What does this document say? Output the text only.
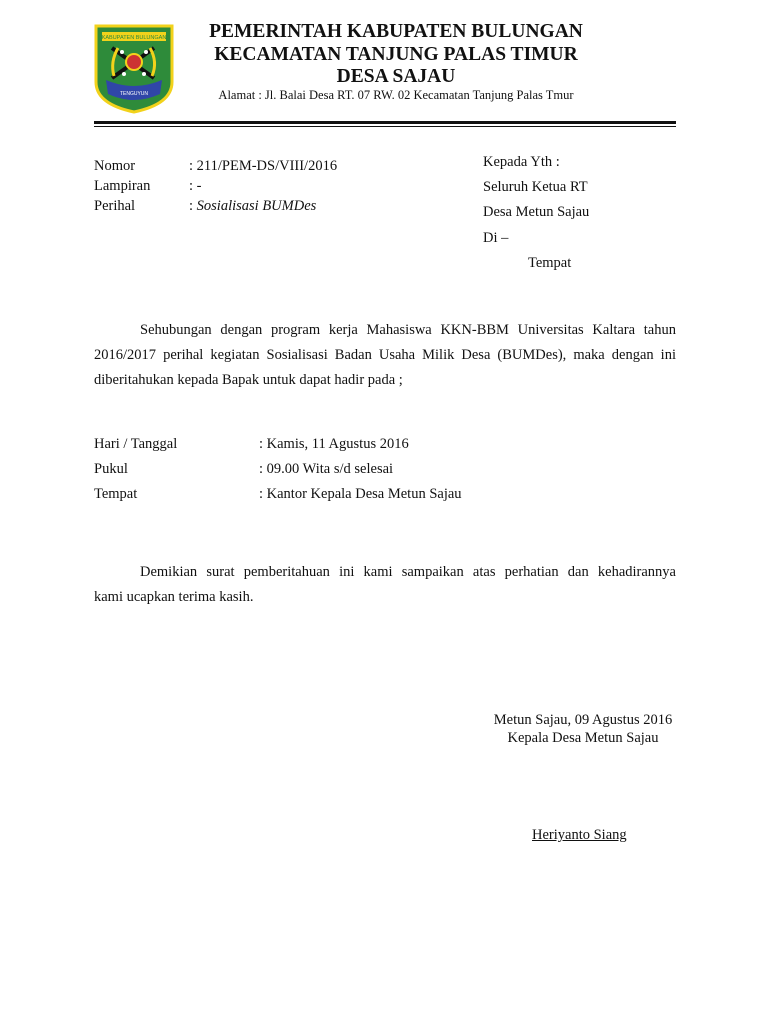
KABUPATEN BULUNGAN
TENGUYUN
PEMERINTAH KABUPATEN BULUNGAN
KECAMATAN TANJUNG PALAS TIMUR
DESA SAJAU
Alamat : Jl. Balai Desa RT. 07 RW. 02 Kecamatan Tanjung Palas Tmur
Nomor	: 211/PEM-DS/VIII/2016
Lampiran	: -
Perihal	: Sosialisasi BUMDes
Kepada Yth :
Seluruh Ketua RT
Desa Metun Sajau
Di –
Tempat
Sehubungan dengan program kerja Mahasiswa KKN-BBM Universitas Kaltara tahun
2016/2017 perihal kegiatan Sosialisasi Badan Usaha Milik Desa (BUMDes), maka dengan ini
diberitahukan kepada Bapak untuk dapat hadir pada ;
Hari / Tanggal	: Kamis, 11 Agustus 2016
Pukul	: 09.00 Wita s/d selesai
Tempat	: Kantor Kepala Desa Metun Sajau
Demikian surat pemberitahuan ini kami sampaikan atas perhatian dan kehadirannya
kami ucapkan terima kasih.
Metun Sajau, 09 Agustus 2016
Kepala Desa Metun Sajau
Heriyanto Siang
